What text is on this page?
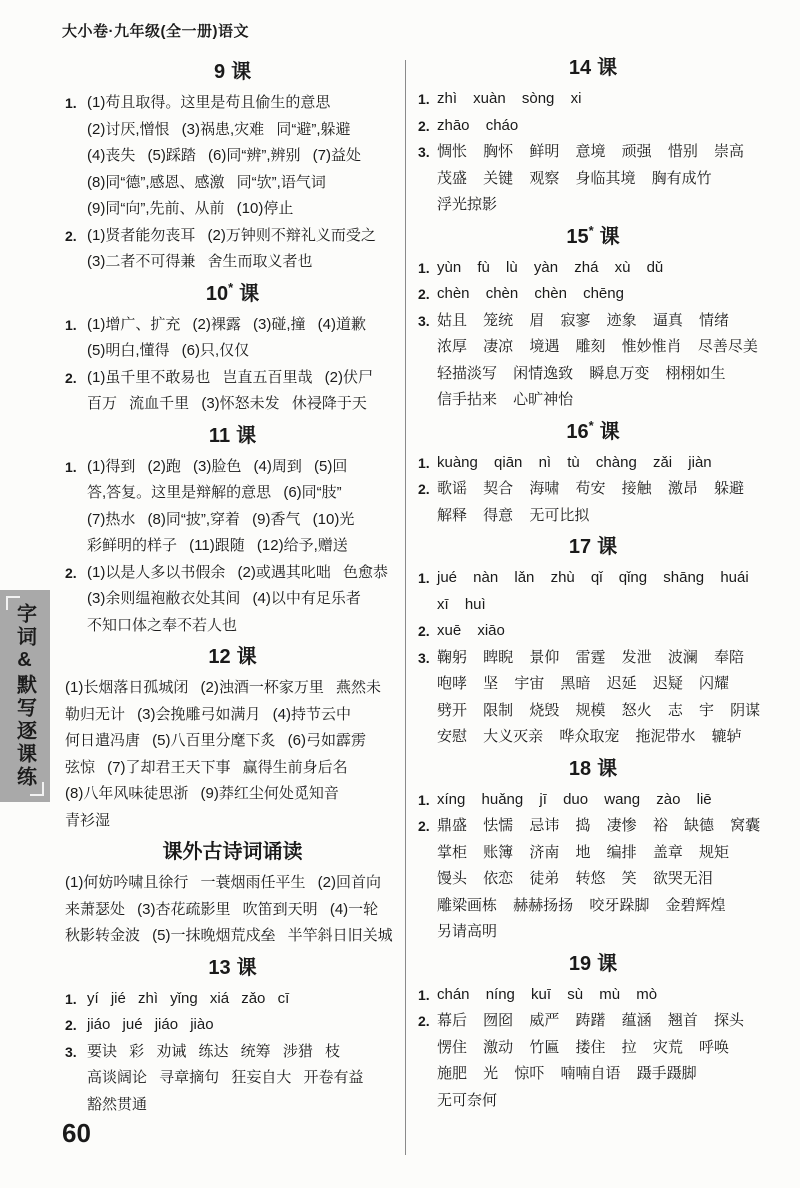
大小卷·九年级(全一册)语文
9 课
1. (1)苟且取得。这里是苟且偷生的意思
(2)讨厌,憎恨 (3)祸患,灾难 同“避”,躲避
(4)丧失 (5)踩踏 (6)同“辨”,辨别 (7)益处
(8)同“德”,感恩、感激 同“欤”,语气词
(9)同“向”,先前、从前 (10)停止
2. (1)贤者能勿丧耳 (2)万钟则不辩礼义而受之
(3)二者不可得兼 舍生而取义者也
10* 课
1. (1)增广、扩充 (2)裸露 (3)碰,撞 (4)道歉
(5)明白,懂得 (6)只,仅仅
2. (1)虽千里不敢易也 岂直五百里哉 (2)伏尸
百万 流血千里 (3)怀怒未发 休祲降于天
11 课
1. (1)得到 (2)跑 (3)脸色 (4)周到 (5)回
答,答复。这里是辩解的意思 (6)同“肢”
(7)热水 (8)同“披”,穿着 (9)香气 (10)光
彩鲜明的样子 (11)跟随 (12)给予,赠送
2. (1)以是人多以书假余 (2)或遇其叱咄 色愈恭
(3)余则缊袍敝衣处其间 (4)以中有足乐者
不知口体之奉不若人也
12 课
(1)长烟落日孤城闭 (2)浊酒一杯家万里 燕然未
勒归无计 (3)会挽雕弓如满月 (4)持节云中
何日遣冯唐 (5)八百里分麾下炙 (6)弓如霹雳
弦惊 (7)了却君王天下事 赢得生前身后名
(8)八年风味徒思浙 (9)莽红尘何处觅知音
青衫湿
课外古诗词诵读
(1)何妨吟啸且徐行 一蓑烟雨任平生 (2)回首向
来萧瑟处 (3)杏花疏影里 吹笛到天明 (4)一轮
秋影转金波 (5)一抹晚烟荒戍垒 半竿斜日旧关城
13 课
1. yí jié zhì yǐng xiá zǎo cī
2. jiáo jué jiáo jiào
3. 要诀 彩 劝诫 练达 统筹 涉猎 枝
高谈阔论 寻章摘句 狂妄自大 开卷有益
豁然贯通
14 课
1. zhì xuàn sòng xi
2. zhāo cháo
3. 惆怅 胸怀 鲜明 意境 顽强 惜别 崇高
茂盛 关键 观察 身临其境 胸有成竹
浮光掠影
15* 课
1. yùn fù lù yàn zhá xù dǔ
2. chèn chèn chèn chēng
3. 姑且 笼统 眉 寂寥 迹象 逼真 情绪
浓厚 凄凉 境遇 雕刻 惟妙惟肖 尽善尽美
轻描淡写 闲情逸致 瞬息万变 栩栩如生
信手拈来 心旷神怡
16* 课
1. kuàng qiān nì tù chàng zǎi jiàn
2. 歌谣 契合 海啸 苟安 接触 激昂 躲避
解释 得意 无可比拟
17 课
1. jué nàn lǎn zhù qǐ qǐng shāng huái
xī huì
2. xuē xiāo
3. 鞠躬 睥睨 景仰 雷霆 发泄 波澜 奉陪
咆哮 坚 宇宙 黑暗 迟延 迟疑 闪耀
劈开 限制 烧毁 规模 怒火 志 宇 阴谋
安慰 大义灭亲 哗众取宠 拖泥带水 辘轳
18 课
1. xíng huǎng jī duo wang zào liē
2. 鼎盛 怯懦 忌讳 捣 凄惨 裕 缺德 窝囊
掌柜 账簿 济南 地 编排 盖章 规矩
馒头 依恋 徒弟 转悠 笑 欲哭无泪
雕梁画栋 赫赫扬扬 咬牙跺脚 金碧辉煌
另请高明
19 课
1. chán níng kuī sù mù mò
2. 幕后 囫囵 威严 踌躇 蕴涵 翘首 探头
愣住 激动 竹匾 搂住 拉 灾荒 呼唤
施肥 光 惊吓 喃喃自语 蹑手蹑脚
无可奈何
字词&默写逐课练
60
